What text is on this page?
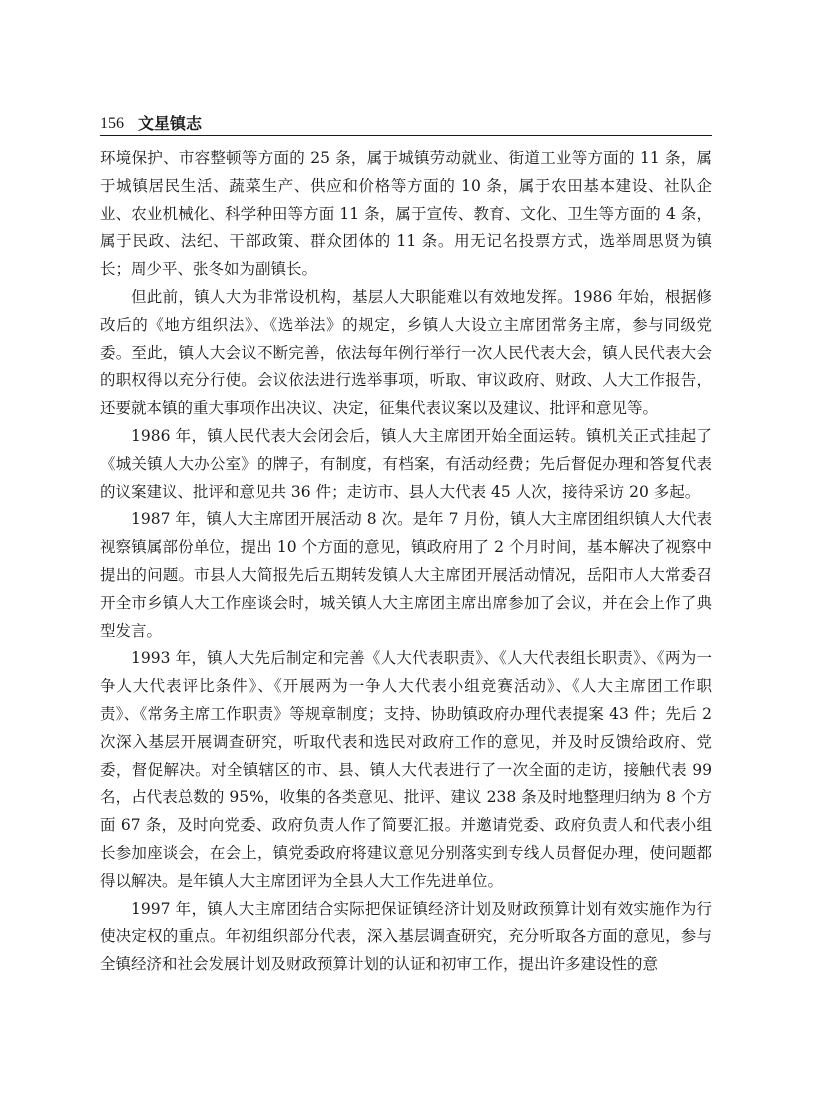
156 文星镇志

环境保护、市容整顿等方面的 25 条，属于城镇劳动就业、街道工业等方面的 11 条，属于城镇居民生活、蔬菜生产、供应和价格等方面的 10 条，属于农田基本建设、社队企业、农业机械化、科学种田等方面 11 条，属于宣传、教育、文化、卫生等方面的 4 条，属于民政、法纪、干部政策、群众团体的 11 条。用无记名投票方式，选举周思贤为镇长；周少平、张冬如为副镇长。

但此前，镇人大为非常设机构，基层人大职能难以有效地发挥。1986 年始，根据修改后的《地方组织法》、《选举法》的规定，乡镇人大设立主席团常务主席，参与同级党委。至此，镇人大会议不断完善，依法每年例行举行一次人民代表大会，镇人民代表大会的职权得以充分行使。会议依法进行选举事项，听取、审议政府、财政、人大工作报告，还要就本镇的重大事项作出决议、决定，征集代表议案以及建议、批评和意见等。

1986 年，镇人民代表大会闭会后，镇人大主席团开始全面运转。镇机关正式挂起了《城关镇人大办公室》的牌子，有制度，有档案，有活动经费；先后督促办理和答复代表的议案建议、批评和意见共 36 件；走访市、县人大代表 45 人次，接待采访 20 多起。

1987 年，镇人大主席团开展活动 8 次。是年 7 月份，镇人大主席团组织镇人大代表视察镇属部份单位，提出 10 个方面的意见，镇政府用了 2 个月时间，基本解决了视察中提出的问题。市县人大简报先后五期转发镇人大主席团开展活动情况，岳阳市人大常委召开全市乡镇人大工作座谈会时，城关镇人大主席团主席出席参加了会议，并在会上作了典型发言。

1993 年，镇人大先后制定和完善《人大代表职责》、《人大代表组长职责》、《两为一争人大代表评比条件》、《开展两为一争人大代表小组竞赛活动》、《人大主席团工作职责》、《常务主席工作职责》等规章制度；支持、协助镇政府办理代表提案 43 件；先后 2 次深入基层开展调查研究，听取代表和选民对政府工作的意见，并及时反馈给政府、党委，督促解决。对全镇辖区的市、县、镇人大代表进行了一次全面的走访，接触代表 99 名，占代表总数的 95%，收集的各类意见、批评、建议 238 条及时地整理归纳为 8 个方面 67 条，及时向党委、政府负责人作了简要汇报。并邀请党委、政府负责人和代表小组长参加座谈会，在会上，镇党委政府将建议意见分别落实到专线人员督促办理，使问题都得以解决。是年镇人大主席团评为全县人大工作先进单位。

1997 年，镇人大主席团结合实际把保证镇经济计划及财政预算计划有效实施作为行使决定权的重点。年初组织部分代表，深入基层调查研究，充分听取各方面的意见，参与全镇经济和社会发展计划及财政预算计划的认证和初审工作，提出许多建设性的意
